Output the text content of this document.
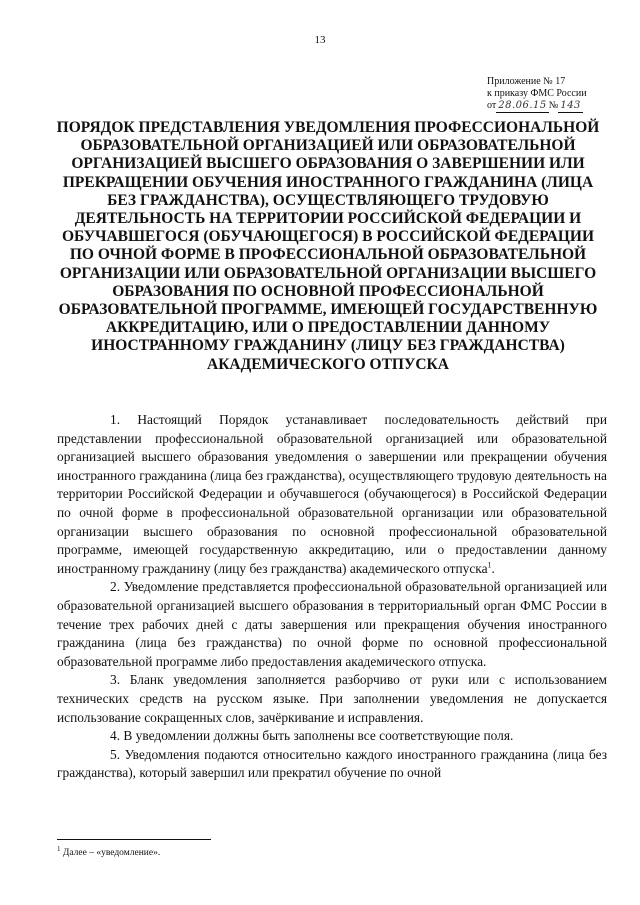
13
Приложение № 17
к приказу ФМС России
от 28.06.15 № 143
ПОРЯДОК ПРЕДСТАВЛЕНИЯ УВЕДОМЛЕНИЯ ПРОФЕССИОНАЛЬНОЙ ОБРАЗОВАТЕЛЬНОЙ ОРГАНИЗАЦИЕЙ ИЛИ ОБРАЗОВАТЕЛЬНОЙ ОРГАНИЗАЦИЕЙ ВЫСШЕГО ОБРАЗОВАНИЯ О ЗАВЕРШЕНИИ ИЛИ ПРЕКРАЩЕНИИ ОБУЧЕНИЯ ИНОСТРАННОГО ГРАЖДАНИНА (ЛИЦА БЕЗ ГРАЖДАНСТВА), ОСУЩЕСТВЛЯЮЩЕГО ТРУДОВУЮ ДЕЯТЕЛЬНОСТЬ НА ТЕРРИТОРИИ РОССИЙСКОЙ ФЕДЕРАЦИИ И ОБУЧАВШЕГОСЯ (ОБУЧАЮЩЕГОСЯ) В РОССИЙСКОЙ ФЕДЕРАЦИИ ПО ОЧНОЙ ФОРМЕ В ПРОФЕССИОНАЛЬНОЙ ОБРАЗОВАТЕЛЬНОЙ ОРГАНИЗАЦИИ ИЛИ ОБРАЗОВАТЕЛЬНОЙ ОРГАНИЗАЦИИ ВЫСШЕГО ОБРАЗОВАНИЯ ПО ОСНОВНОЙ ПРОФЕССИОНАЛЬНОЙ ОБРАЗОВАТЕЛЬНОЙ ПРОГРАММЕ, ИМЕЮЩЕЙ ГОСУДАРСТВЕННУЮ АККРЕДИТАЦИЮ, ИЛИ О ПРЕДОСТАВЛЕНИИ ДАННОМУ ИНОСТРАННОМУ ГРАЖДАНИНУ (ЛИЦУ БЕЗ ГРАЖДАНСТВА) АКАДЕМИЧЕСКОГО ОТПУСКА

1. Настоящий Порядок устанавливает последовательность действий при представлении профессиональной образовательной организацией или образовательной организацией высшего образования уведомления о завершении или прекращении обучения иностранного гражданина (лица без гражданства), осуществляющего трудовую деятельность на территории Российской Федерации и обучавшегося (обучающегося) в Российской Федерации по очной форме в профессиональной образовательной организации или образовательной организации высшего образования по основной профессиональной образовательной программе, имеющей государственную аккредитацию, или о предоставлении данному иностранному гражданину (лицу без гражданства) академического отпуска$^1$.

2. Уведомление представляется профессиональной образовательной организацией или образовательной организацией высшего образования в территориальный орган ФМС России в течение трех рабочих дней с даты завершения или прекращения обучения иностранного гражданина (лица без гражданства) по очной форме по основной профессиональной образовательной программе либо предоставления академического отпуска.

3. Бланк уведомления заполняется разборчиво от руки или с использованием технических средств на русском языке. При заполнении уведомления не допускается использование сокращенных слов, зачёркивание и исправления.

4. В уведомлении должны быть заполнены все соответствующие поля.

5. Уведомления подаются относительно каждого иностранного гражданина (лица без гражданства), который завершил или прекратил обучение по очной

$^1$ Далее – «уведомление».
